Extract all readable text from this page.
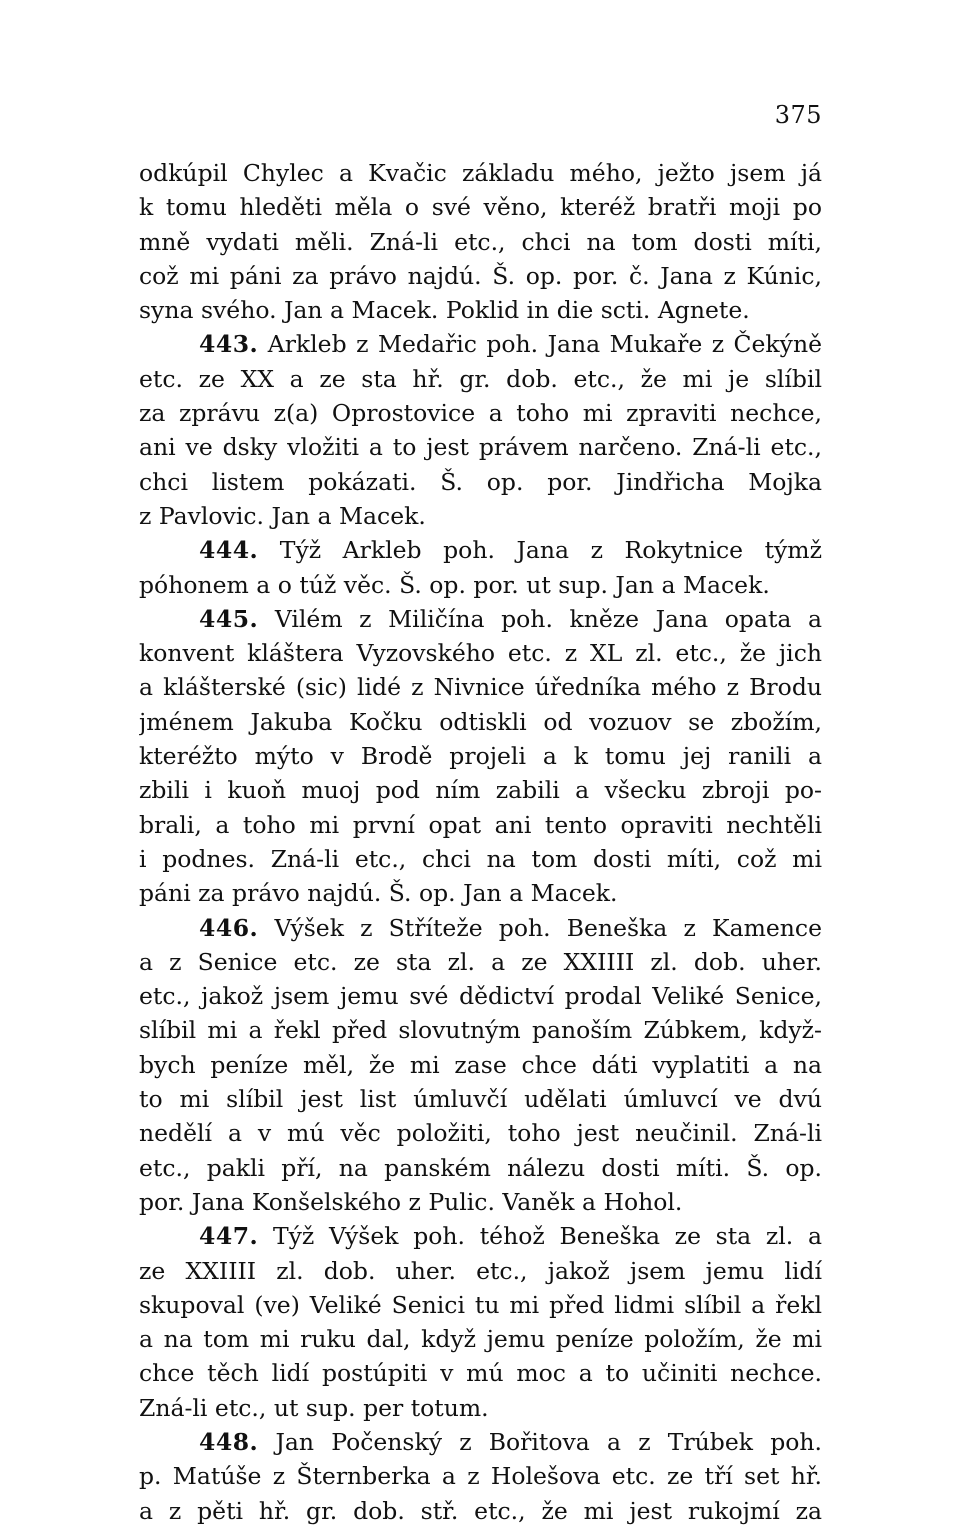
375
odkúpil Chylec a Kvačic základu mého, ježto jsem já
k tomu hleděti měla o své věno, kteréž bratři moji po
mně vydati měli. Zná-li etc., chci na tom dosti míti,
což mi páni za právo najdú. Š. op. por. č. Jana z Kúnic,
syna svého. Jan a Macek. Poklid in die scti. Agnete.
443. Arkleb z Medařic poh. Jana Mukaře z Čekýně
etc. ze XX a ze sta hř. gr. dob. etc., že mi je slíbil
za zprávu z(a) Oprostovice a toho mi zpraviti nechce,
ani ve dsky vložiti a to jest právem narčeno. Zná-li etc.,
chci listem pokázati. Š. op. por. Jindřicha Mojka
z Pavlovic. Jan a Macek.
444. Týž Arkleb poh. Jana z Rokytnice týmž
póhonem a o túž věc. Š. op. por. ut sup. Jan a Macek.
445. Vilém z Miličína poh. kněze Jana opata a
konvent kláštera Vyzovského etc. z XL zl. etc., že jich
a klášterské (sic) lidé z Nivnice úředníka mého z Brodu
jménem Jakuba Kočku odtiskli od vozuov se zbožím,
kteréžto mýto v Brodě projeli a k tomu jej ranili a
zbili i kuoň muoj pod ním zabili a všecku zbroji po-
brali, a toho mi první opat ani tento opraviti nechtěli
i podnes. Zná-li etc., chci na tom dosti míti, což mi
páni za právo najdú. Š. op. Jan a Macek.
446. Výšek z Stříteže poh. Beneška z Kamence
a z Senice etc. ze sta zl. a ze XXIIII zl. dob. uher.
etc., jakož jsem jemu své dědictví prodal Veliké Senice,
slíbil mi a řekl před slovutným panoším Zúbkem, když-
bych peníze měl, že mi zase chce dáti vyplatiti a na
to mi slíbil jest list úmluvčí udělati úmluvcí ve dvú
nedělí a v mú věc položiti, toho jest neučinil. Zná-li
etc., pakli pří, na panském nálezu dosti míti. Š. op.
por. Jana Konšelského z Pulic. Vaněk a Hohol.
447. Týž Výšek poh. téhož Beneška ze sta zl. a
ze XXIIII zl. dob. uher. etc., jakož jsem jemu lidí
skupoval (ve) Veliké Senici tu mi před lidmi slíbil a řekl
a na tom mi ruku dal, když jemu peníze položím, že mi
chce těch lidí postúpiti v mú moc a to učiniti nechce.
Zná-li etc., ut sup. per totum.
448. Jan Počenský z Bořitova a z Trúbek poh.
p. Matúše z Šternberka a z Holešova etc. ze tří set hř.
a z pěti hř. gr. dob. stř. etc., že mi jest rukojmí za
